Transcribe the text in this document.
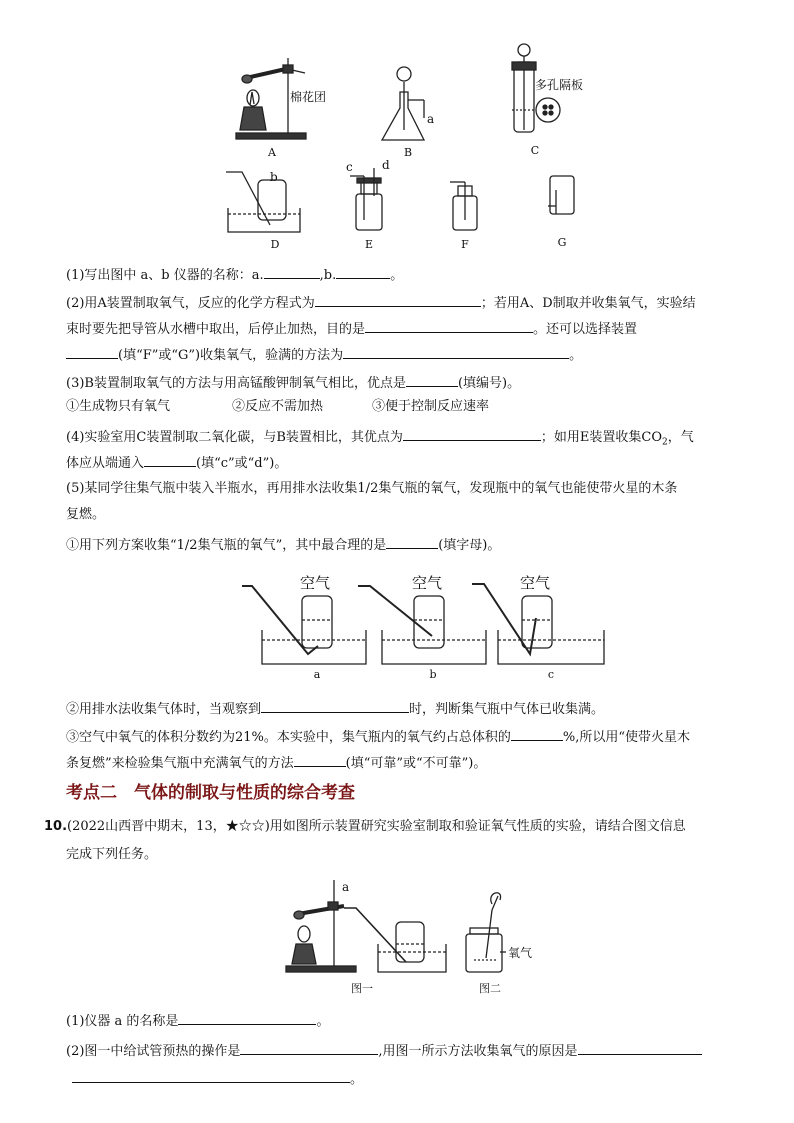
棉花团
a
多孔隔板
b
c d
A	B	C
D	E	F	G
(1)写出图中 a、b 仪器的名称：a.	,b.	。
(2)用A装置制取氧气，反应的化学方程式为	；若用A、D制取并收集氧气，实验结
束时要先把导管从水槽中取出，后停止加热，目的是	。还可以选择装置
(填“F”或“G”)收集氧气，验满的方法为	。
(3)B装置制取氧气的方法与用高锰酸钾制氧气相比，优点是	(填编号)。
①生成物只有氧气	②反应不需加热	③便于控制反应速率
(4)实验室用C装置制取二氧化碳，与B装置相比，其优点为	；如用E装置收集$CO_2$，气
体应从端通入	(填“c”或“d”)。
(5)某同学往集气瓶中装入半瓶水，再用排水法收集1/2集气瓶的氧气，发现瓶中的氧气也能使带火星的木条
复燃。
①用下列方案收集“1/2集气瓶的氧气”，其中最合理的是	(填字母)。
空气	空气	空气
a	b	c
②用排水法收集气体时，当观察到	时，判断集气瓶中气体已收集满。
③空气中氧气的体积分数约为21%。本实验中，集气瓶内的氧气约占总体积的	%,所以用“使带火星木
条复燃”来检验集气瓶中充满氧气的方法	(填“可靠”或“不可靠”)。
考点二　气体的制取与性质的综合考查
10.(2022山西晋中期末，13，★☆☆)用如图所示装置研究实验室制取和验证氧气性质的实验，请结合图文信息
完成下列任务。
a
氧气
图一	图二
(1)仪器 a 的名称是	。
(2)图一中给试管预热的操作是	,用图一所示方法收集氧气的原因是
。
